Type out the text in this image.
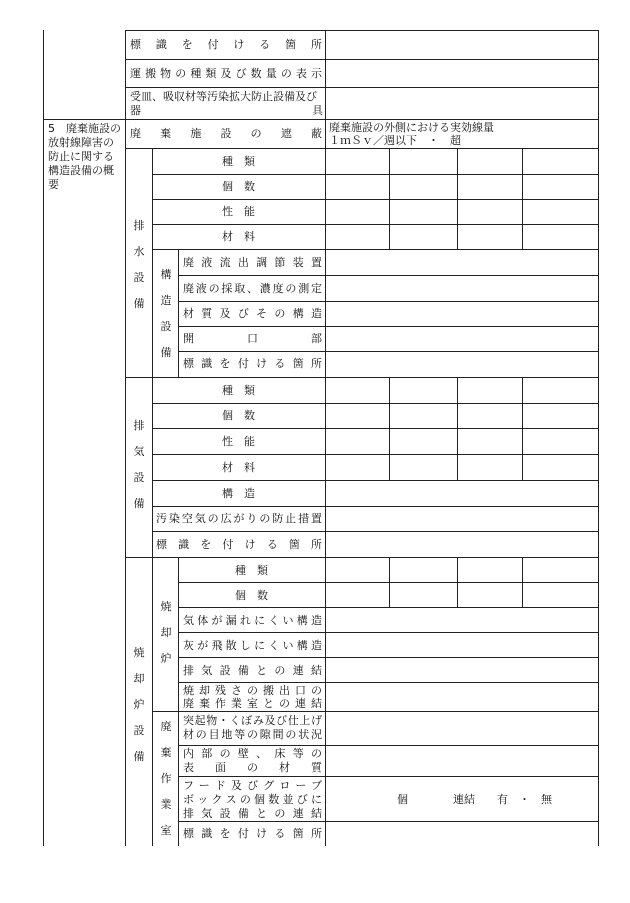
標識を付ける箇所
運搬物の種類及び数量の表示
受皿、吸収材等汚染拡大防止設備及び
器	具
5　廃棄施設の放射線障害の防止に関する構造設備の概要
廃棄施設の遮蔽 廃棄施設の外側における実効線量
１ｍＳｖ／週以下　・　超
排水設備
種　類
個　数
性　能
材　料
構造設備
廃液流出調節装置
廃液の採取、濃度の測定
材質及びその構造
開口部
標識を付ける箇所
排気設備
種　類
個　数
性　能
材　料
構　造
汚染空気の広がりの防止措置
標識を付ける箇所
焼却炉設備
焼却炉
種　類
個　数
気体が漏れにくい構造
灰が飛散しにくい構造
排気設備との連結
焼却残さの搬出口の
廃棄作業室との連結
廃棄作業室
突起物・くぼみ及び仕上げ
材の目地等の隙間の状況
内部の壁、床等の
表面の材質
フード及びグローブ
ボックスの個数並びに
排気設備との連結
個	連結　　有　・　無
標識を付ける箇所
